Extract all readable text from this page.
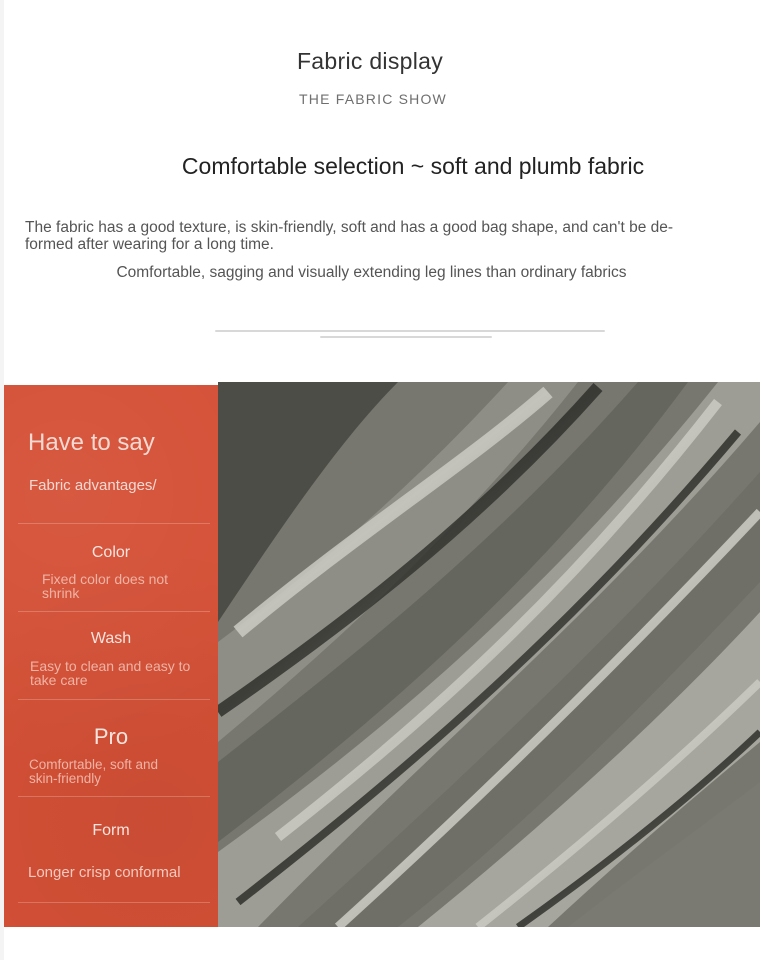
Fabric display
THE FABRIC SHOW
Comfortable selection ~ soft and plumb fabric
The fabric has a good texture, is skin-friendly, soft and has a good bag shape, and can't be de-formed after wearing for a long time.
Comfortable, sagging and visually extending leg lines than ordinary fabrics
Have to say
Fabric advantages/
Color
Fixed color does not shrink
Wash
Easy to clean and easy to take care
Pro
Comfortable, soft and skin-friendly
Form
Longer crisp conformal
